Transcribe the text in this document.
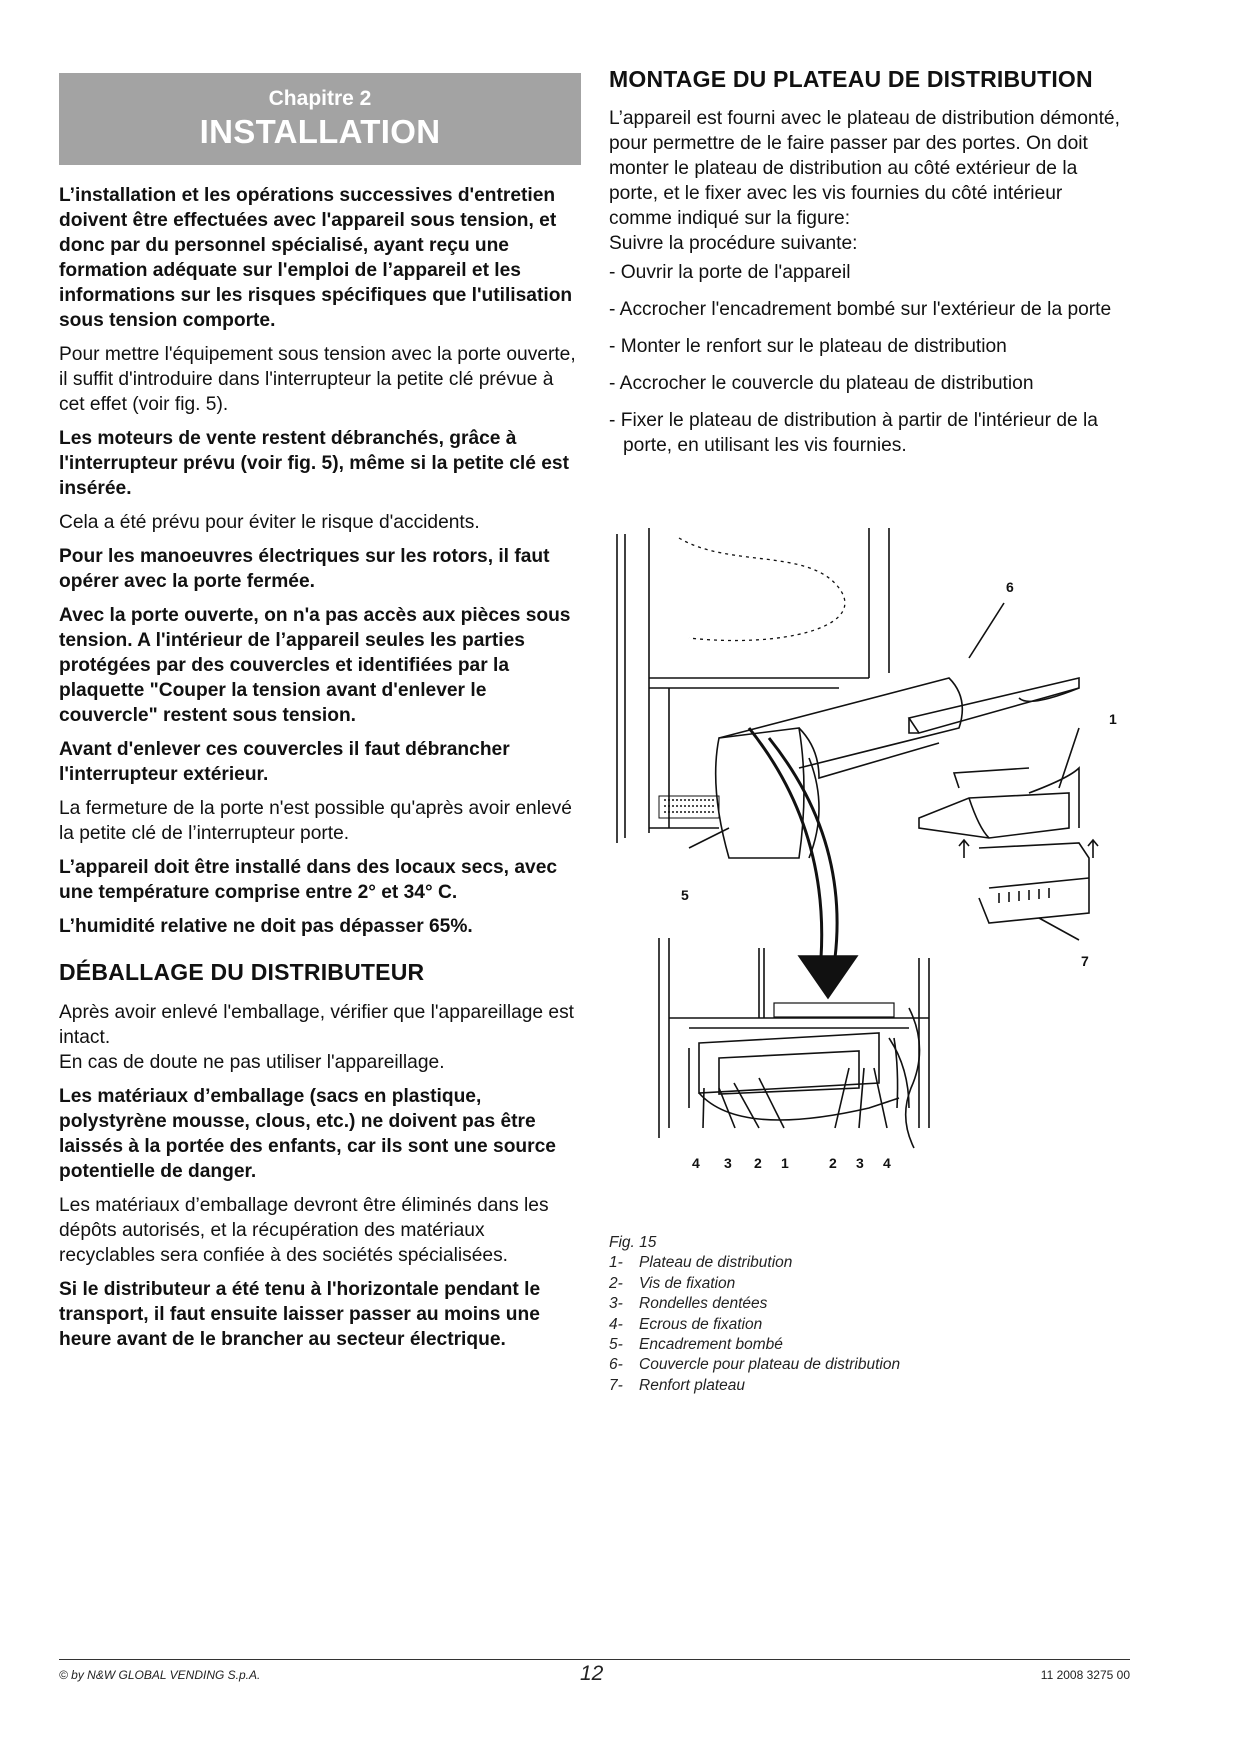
Chapitre 2
INSTALLATION

L’installation et les opérations successives d'entretien doivent être effectuées avec l'appareil sous tension, et donc par du personnel spécialisé, ayant reçu une formation adéquate sur l'emploi de l’appareil et les informations sur les risques spécifiques que l'utilisation sous tension comporte.

Pour mettre l'équipement sous tension avec la porte ouverte, il suffit d'introduire dans l'interrupteur la petite clé prévue à cet effet (voir fig. 5).

Les moteurs de vente restent débranchés, grâce à l'interrupteur prévu (voir fig. 5), même si la petite clé est insérée.

Cela a été prévu pour éviter le risque d'accidents.

Pour les manoeuvres électriques sur les rotors, il faut opérer avec la porte fermée.

Avec la porte ouverte, on n'a pas accès aux pièces sous tension. A l'intérieur de l’appareil seules les parties protégées par des couvercles et identifiées par la plaquette "Couper la tension avant d'enlever le couvercle" restent sous tension.

Avant d'enlever ces couvercles il faut débrancher l'interrupteur extérieur.

La fermeture de la porte n'est possible qu'après avoir enlevé la petite clé de l’interrupteur porte.

L’appareil doit être installé dans des locaux secs, avec une température comprise entre 2° et 34° C.

L’humidité relative ne doit pas dépasser 65%.

DÉBALLAGE DU DISTRIBUTEUR

Après avoir enlevé l'emballage, vérifier que l'appareillage est intact.
En cas de doute ne pas utiliser l'appareillage.

Les matériaux d’emballage (sacs en plastique, polystyrène mousse, clous, etc.) ne doivent pas être laissés à la portée des enfants, car ils sont une source potentielle de danger.

Les matériaux d’emballage devront être éliminés dans les dépôts autorisés, et la récupération des matériaux recyclables sera confiée à des sociétés spécialisées.

Si le distributeur a été tenu à l'horizontale pendant le transport, il faut ensuite laisser passer au moins une heure avant de le brancher au secteur électrique.

MONTAGE DU PLATEAU DE DISTRIBUTION

L’appareil est fourni avec le plateau de distribution démonté, pour permettre de le faire passer par des portes. On doit monter le plateau de distribution au côté extérieur de la porte, et le fixer avec les vis fournies du côté intérieur comme indiqué sur la figure:

Suivre la procédure suivante:

- Ouvrir la porte de l'appareil
- Accrocher l'encadrement bombé sur l'extérieur de la porte
- Monter le renfort sur le plateau de distribution
- Accrocher le couvercle du plateau de distribution
- Fixer le plateau de distribution à partir de l'intérieur de la porte, en utilisant les vis fournies.
6
1
5
7
4 3 2 1	2 3 4
Fig. 15
1-	Plateau de distribution
2-	Vis de fixation
3-	Rondelles dentées
4-	Ecrous de fixation
5-	Encadrement bombé
6-	Couvercle pour plateau de distribution
7-	Renfort plateau
© by N&W GLOBAL VENDING S.p.A.	12	11 2008 3275 00
